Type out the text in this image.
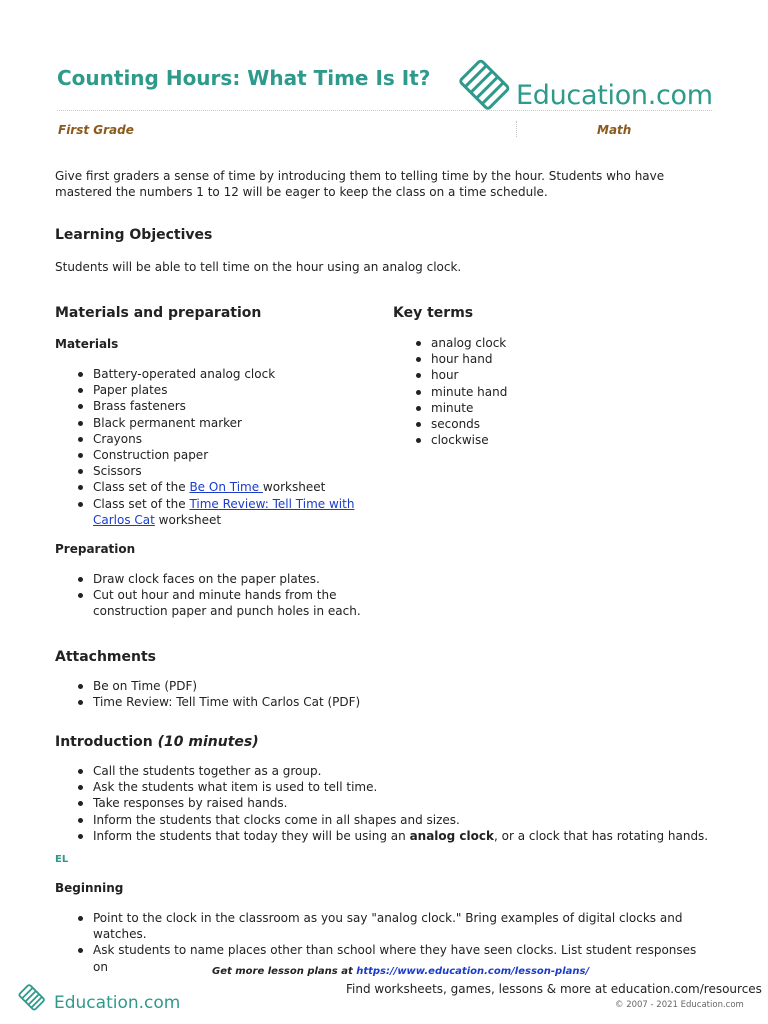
Counting Hours: What Time Is It?
Education.com
First Grade	Math

Give first graders a sense of time by introducing them to telling time by the hour. Students who have mastered the numbers 1 to 12 will be eager to keep the class on a time schedule.

Learning Objectives

Students will be able to tell time on the hour using an analog clock.

Materials and preparation
Materials
Battery-operated analog clock
Paper plates
Brass fasteners
Black permanent marker
Crayons
Construction paper
Scissors
Class set of the Be On Time worksheet
Class set of the Time Review: Tell Time with Carlos Cat worksheet
Preparation
Draw clock faces on the paper plates.
Cut out hour and minute hands from the construction paper and punch holes in each.
Key terms
analog clock
hour hand
hour
minute hand
minute
seconds
clockwise
Attachments
Be on Time (PDF)
Time Review: Tell Time with Carlos Cat (PDF)
Introduction (10 minutes)
Call the students together as a group.
Ask the students what item is used to tell time.
Take responses by raised hands.
Inform the students that clocks come in all shapes and sizes.
Inform the students that today they will be using an analog clock, or a clock that has rotating hands.
EL
Beginning
Point to the clock in the classroom as you say "analog clock." Bring examples of digital clocks and watches.
Ask students to name places other than school where they have seen clocks. List student responses on	Get more lesson plans at https://www.education.com/lesson-plans/
Find worksheets, games, lessons & more at education.com/resources
© 2007 - 2021 Education.com
Education.com
